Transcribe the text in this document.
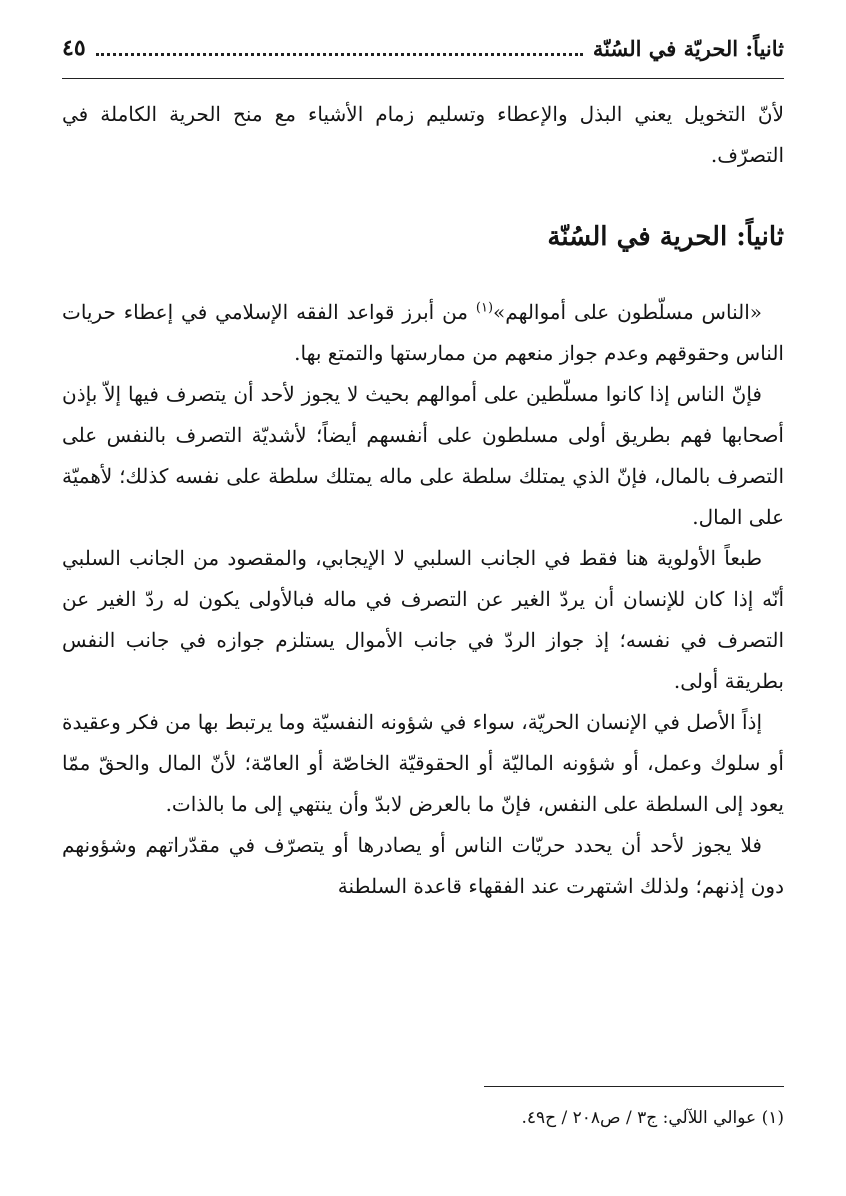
ثانياً: الحريّة في السُنّة
٤٥

لأنّ التخويل يعني البذل والإعطاء وتسليم زمام الأشياء مع منح الحرية الكاملة في التصرّف.

ثانياً: الحرية في السُنّة

«الناس مسلّطون على أموالهم»$^{(١)}$ من أبرز قواعد الفقه الإسلامي في إعطاء حريات الناس وحقوقهم وعدم جواز منعهم من ممارستها والتمتع بها.

فإنّ الناس إذا كانوا مسلّطين على أموالهم بحيث لا يجوز لأحد أن يتصرف فيها إلاّ بإذن أصحابها فهم بطريق أولى مسلطون على أنفسهم أيضاً؛ لأشديّة التصرف بالنفس على التصرف بالمال، فإنّ الذي يمتلك سلطة على ماله يمتلك سلطة على نفسه كذلك؛ لأهميّة على المال.

طبعاً الأولوية هنا فقط في الجانب السلبي لا الإيجابي، والمقصود من الجانب السلبي أنّه إذا كان للإنسان أن يردّ الغير عن التصرف في ماله فبالأولى يكون له ردّ الغير عن التصرف في نفسه؛ إذ جواز الردّ في جانب الأموال يستلزم جوازه في جانب النفس بطريقة أولى.

إذاً الأصل في الإنسان الحريّة، سواء في شؤونه النفسيّة وما يرتبط بها من فكر وعقيدة أو سلوك وعمل، أو شؤونه الماليّة أو الحقوقيّة الخاصّة أو العامّة؛ لأنّ المال والحقّ ممّا يعود إلى السلطة على النفس، فإنّ ما بالعرض لابدّ وأن ينتهي إلى ما بالذات.

فلا يجوز لأحد أن يحدد حريّات الناس أو يصادرها أو يتصرّف في مقدّراتهم وشؤونهم دون إذنهم؛ ولذلك اشتهرت عند الفقهاء قاعدة السلطنة

(١) عوالي اللآلي: ج٣ / ص٢٠٨ / ح٤٩.
